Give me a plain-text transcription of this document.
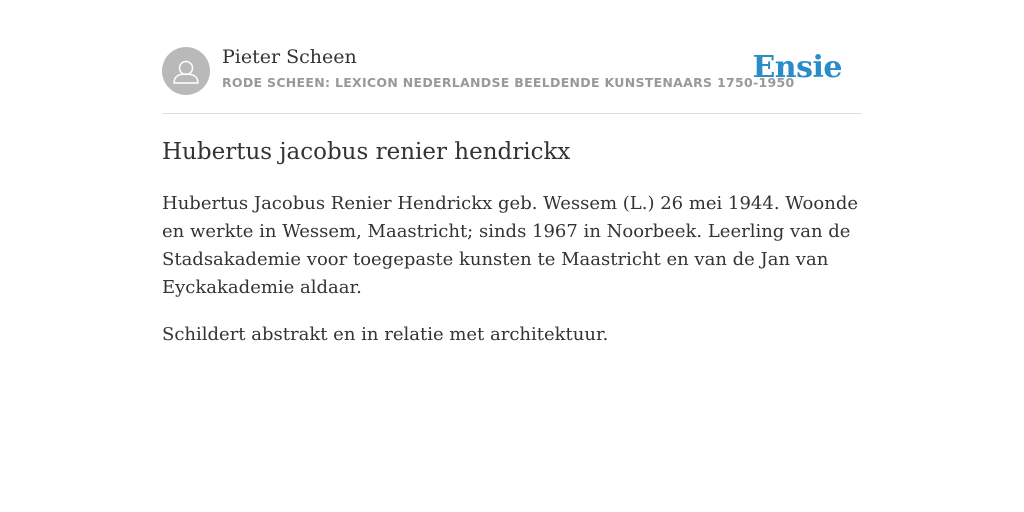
Pieter Scheen
RODE SCHEEN: LEXICON NEDERLANDSE BEELDENDE KUNSTENAARS 1750-1950
Ensie
Hubertus jacobus renier hendrickx

Hubertus Jacobus Renier Hendrickx geb. Wessem (L.) 26 mei 1944. Woonde en werkte in Wessem, Maastricht; sinds 1967 in Noorbeek. Leerling van de Stadsakademie voor toegepaste kunsten te Maastricht en van de Jan van Eyckakademie aldaar.

Schildert abstrakt en in relatie met architektuur.
